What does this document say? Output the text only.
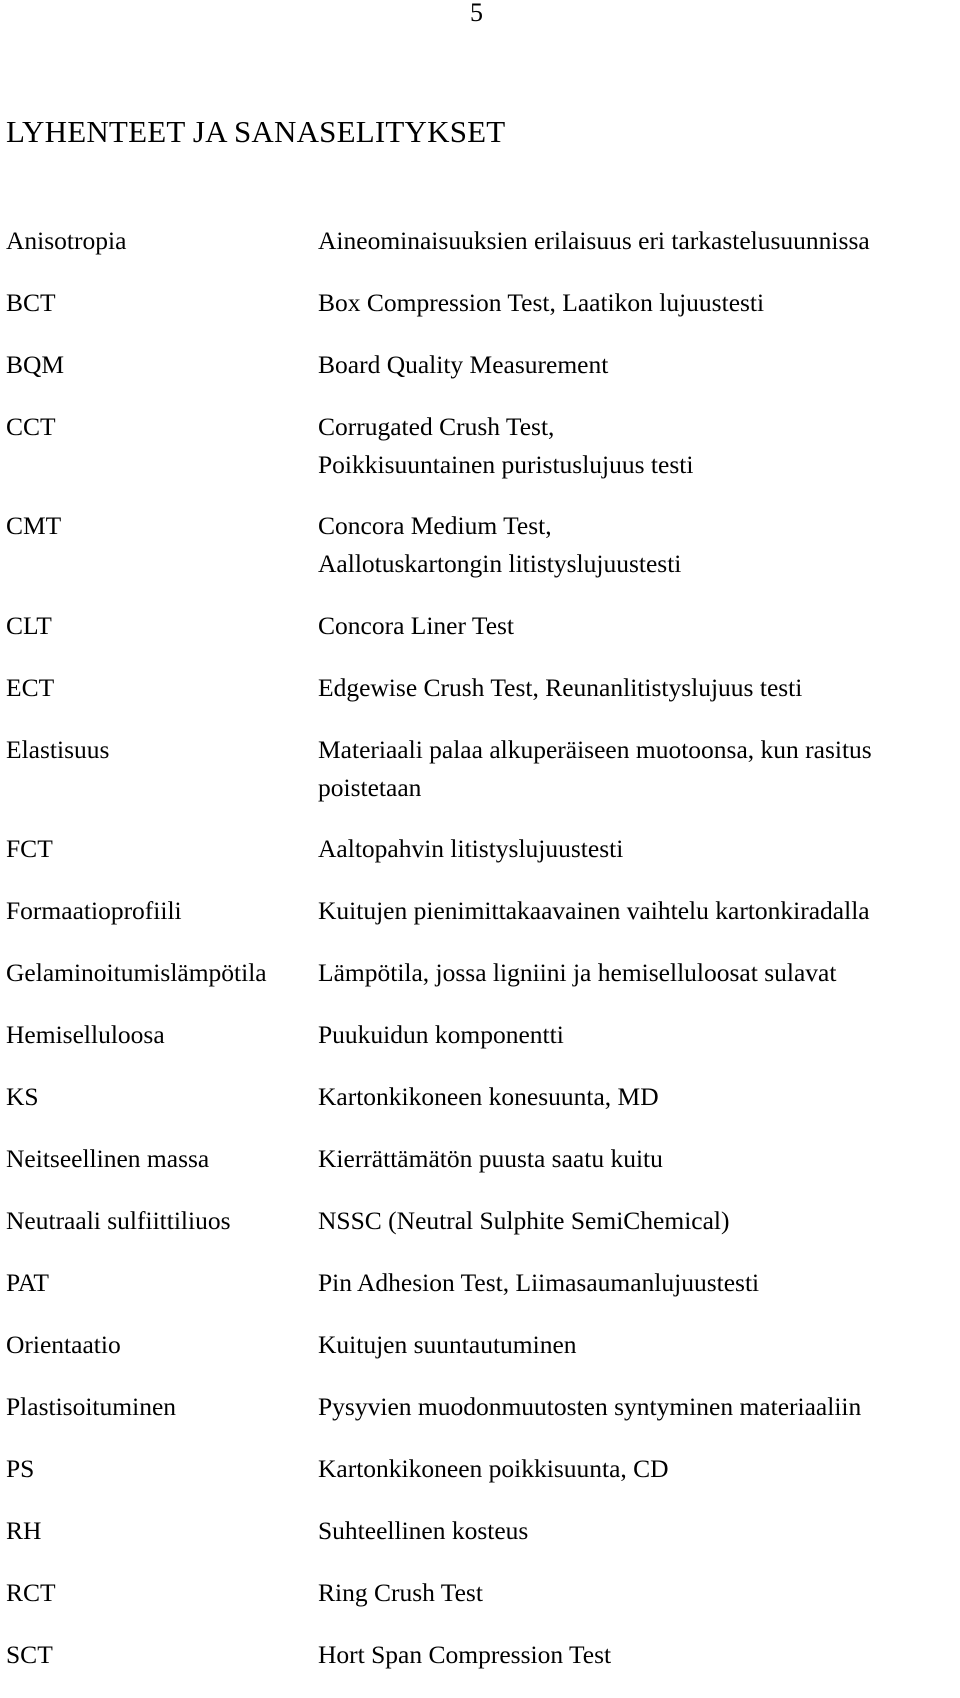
5
LYHENTEET JA SANASELITYKSET
Anisotropia	Aineominaisuuksien erilaisuus eri tarkastelusuunnissa
BCT	Box Compression Test, Laatikon lujuustesti
BQM	Board Quality Measurement
CCT	Corrugated Crush Test,
Poikkisuuntainen puristuslujuus testi
CMT	Concora Medium Test,
Aallotuskartongin litistyslujuustesti
CLT	Concora Liner Test
ECT	Edgewise Crush Test, Reunanlitistyslujuus testi
Elastisuus	Materiaali palaa alkuperäiseen muotoonsa, kun rasitus
poistetaan
FCT	Aaltopahvin litistyslujuustesti
Formaatioprofiili	Kuitujen pienimittakaavainen vaihtelu kartonkiradalla
Gelaminoitumislämpötila Lämpötila, jossa ligniini ja hemiselluloosat sulavat
Hemiselluloosa	Puukuidun komponentti
KS	Kartonkikoneen konesuunta, MD
Neitseellinen massa	Kierrättämätön puusta saatu kuitu
Neutraali sulfiittiliuos	NSSC (Neutral Sulphite SemiChemical)
PAT	Pin Adhesion Test, Liimasaumanlujuustesti
Orientaatio	Kuitujen suuntautuminen
Plastisoituminen	Pysyvien muodonmuutosten syntyminen materiaaliin
PS	Kartonkikoneen poikkisuunta, CD
RH	Suhteellinen kosteus
RCT	Ring Crush Test
SCT	Hort Span Compression Test
